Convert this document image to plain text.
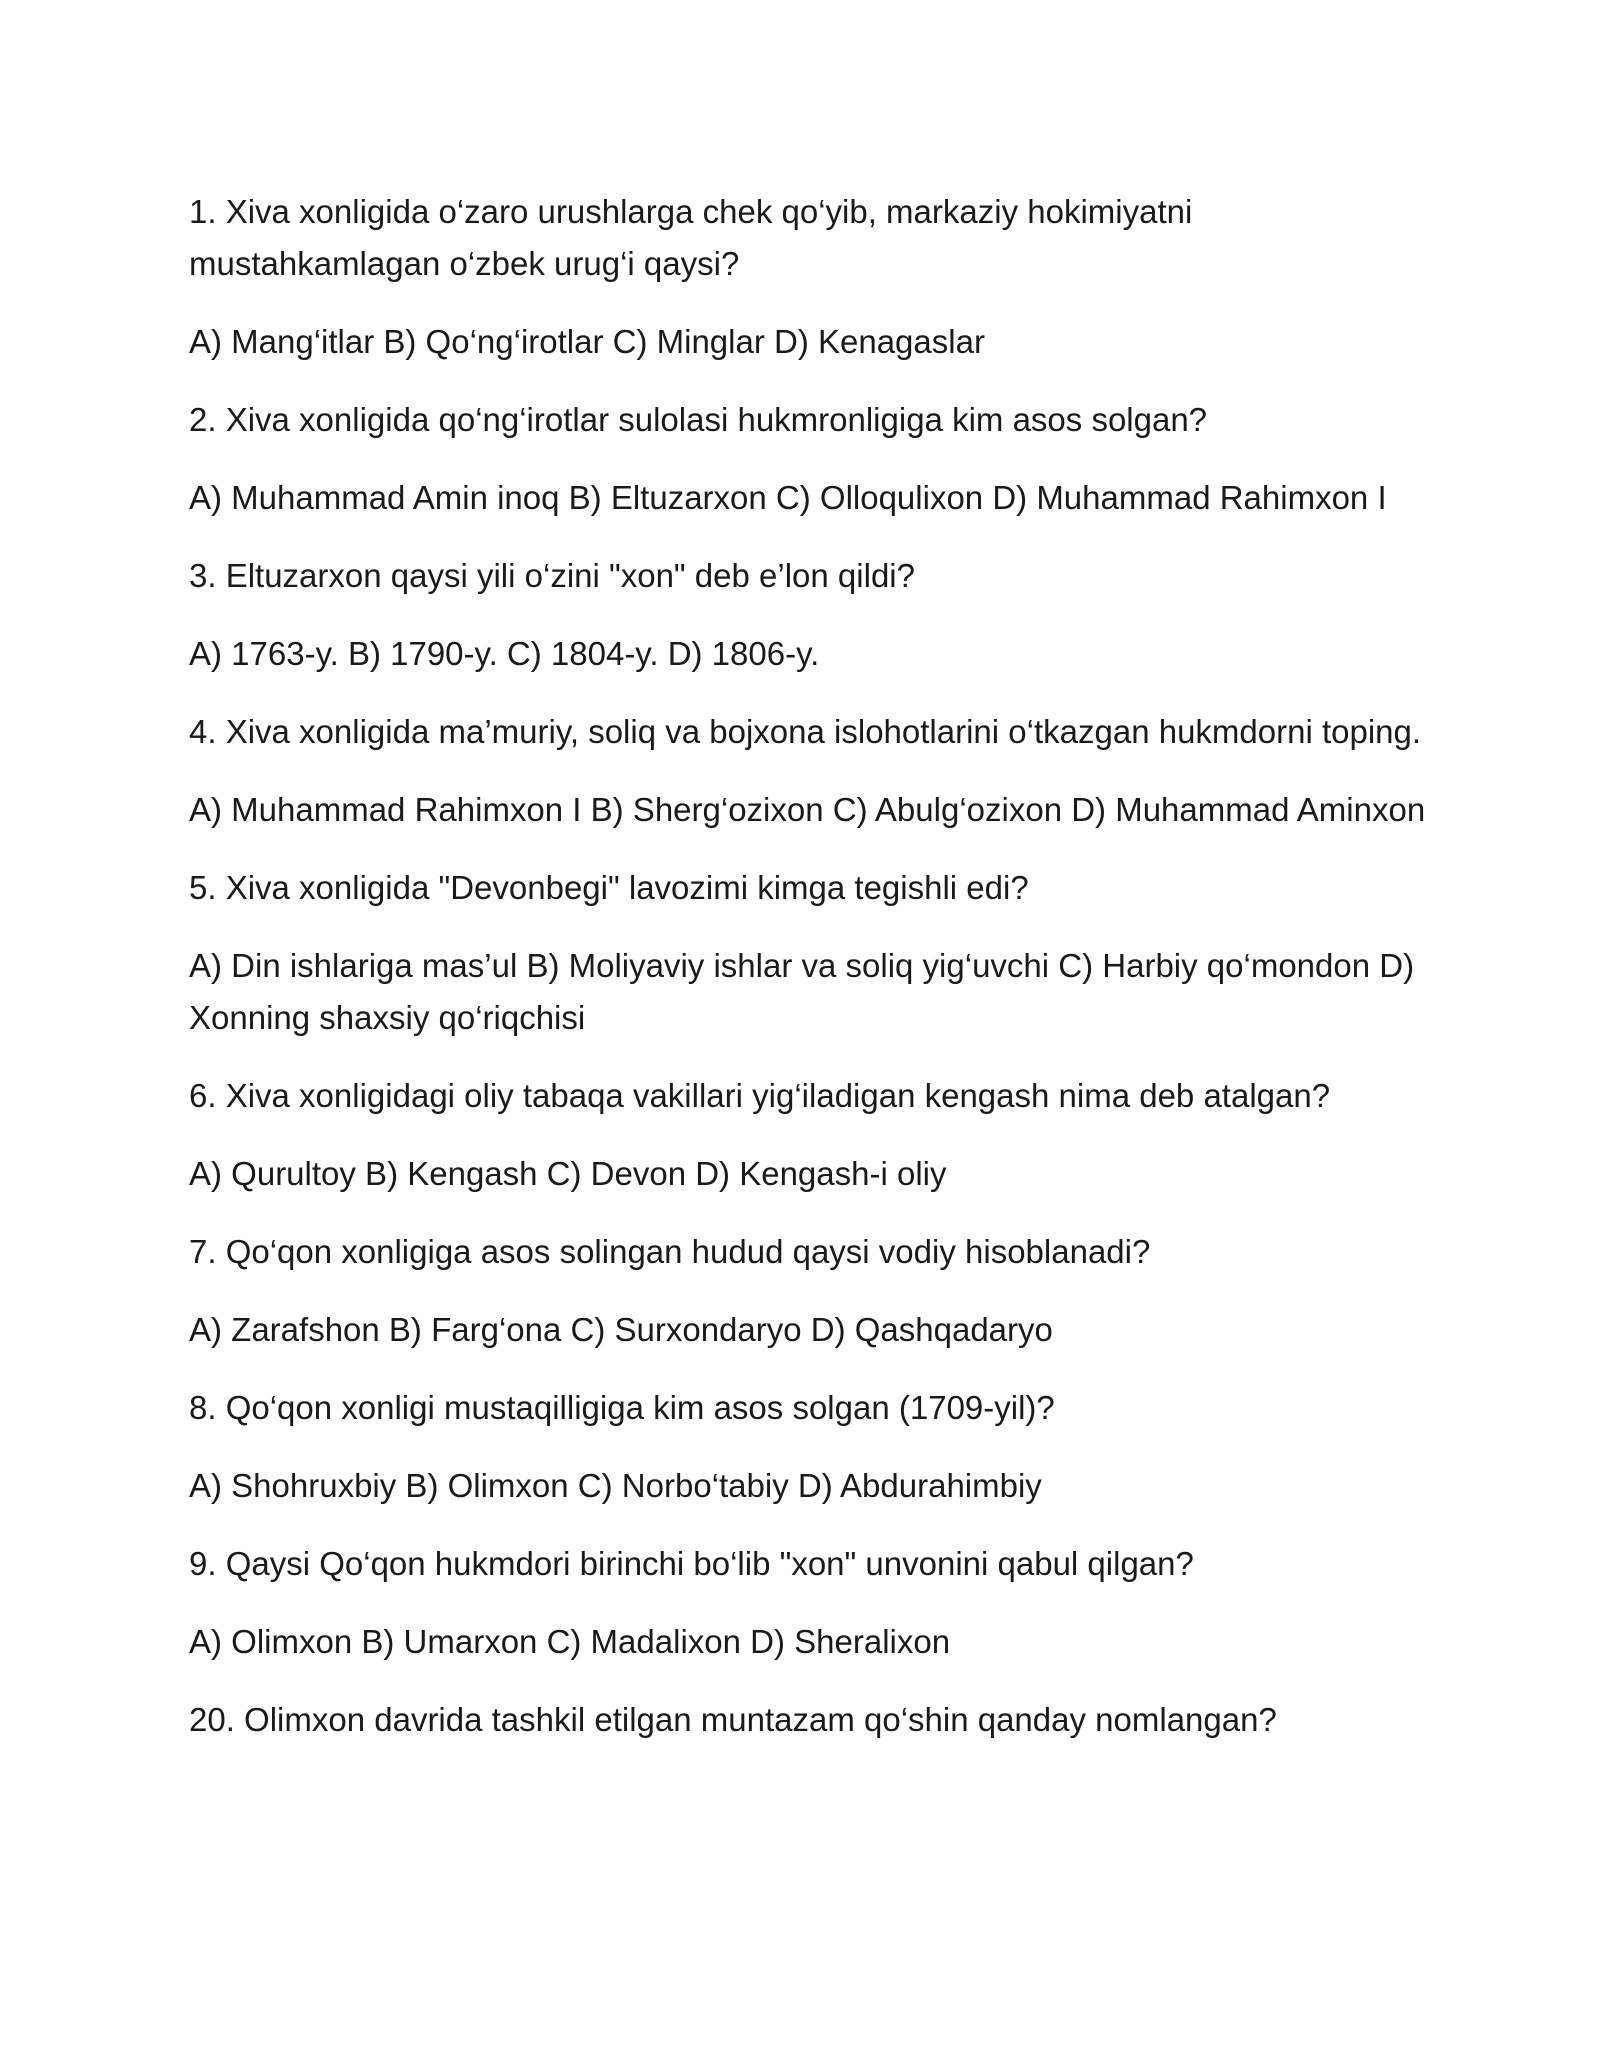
1. Xiva xonligida o‘zaro urushlarga chek qo‘yib, markaziy hokimiyatni mustahkamlagan o‘zbek urug‘i qaysi?

A) Mang‘itlar B) Qo‘ng‘irotlar C) Minglar D) Kenagaslar

2. Xiva xonligida qo‘ng‘irotlar sulolasi hukmronligiga kim asos solgan?

A) Muhammad Amin inoq B) Eltuzarxon C) Olloqulixon D) Muhammad Rahimxon I

3. Eltuzarxon qaysi yili o‘zini "xon" deb e’lon qildi?

A) 1763-y. B) 1790-y. C) 1804-y. D) 1806-y.

4. Xiva xonligida ma’muriy, soliq va bojxona islohotlarini o‘tkazgan hukmdorni toping.

A) Muhammad Rahimxon I B) Sherg‘ozixon C) Abulg‘ozixon D) Muhammad Aminxon

5. Xiva xonligida "Devonbegi" lavozimi kimga tegishli edi?

A) Din ishlariga mas’ul B) Moliyaviy ishlar va soliq yig‘uvchi C) Harbiy qo‘mondon D) Xonning shaxsiy qo‘riqchisi

6. Xiva xonligidagi oliy tabaqa vakillari yig‘iladigan kengash nima deb atalgan?

A) Qurultoy B) Kengash C) Devon D) Kengash-i oliy

7. Qo‘qon xonligiga asos solingan hudud qaysi vodiy hisoblanadi?

A) Zarafshon B) Farg‘ona C) Surxondaryo D) Qashqadaryo

8. Qo‘qon xonligi mustaqilligiga kim asos solgan (1709-yil)?

A) Shohruxbiy B) Olimxon C) Norbo‘tabiy D) Abdurahimbiy

9. Qaysi Qo‘qon hukmdori birinchi bo‘lib "xon" unvonini qabul qilgan?

A) Olimxon B) Umarxon C) Madalixon D) Sheralixon

20. Olimxon davrida tashkil etilgan muntazam qo‘shin qanday nomlangan?
